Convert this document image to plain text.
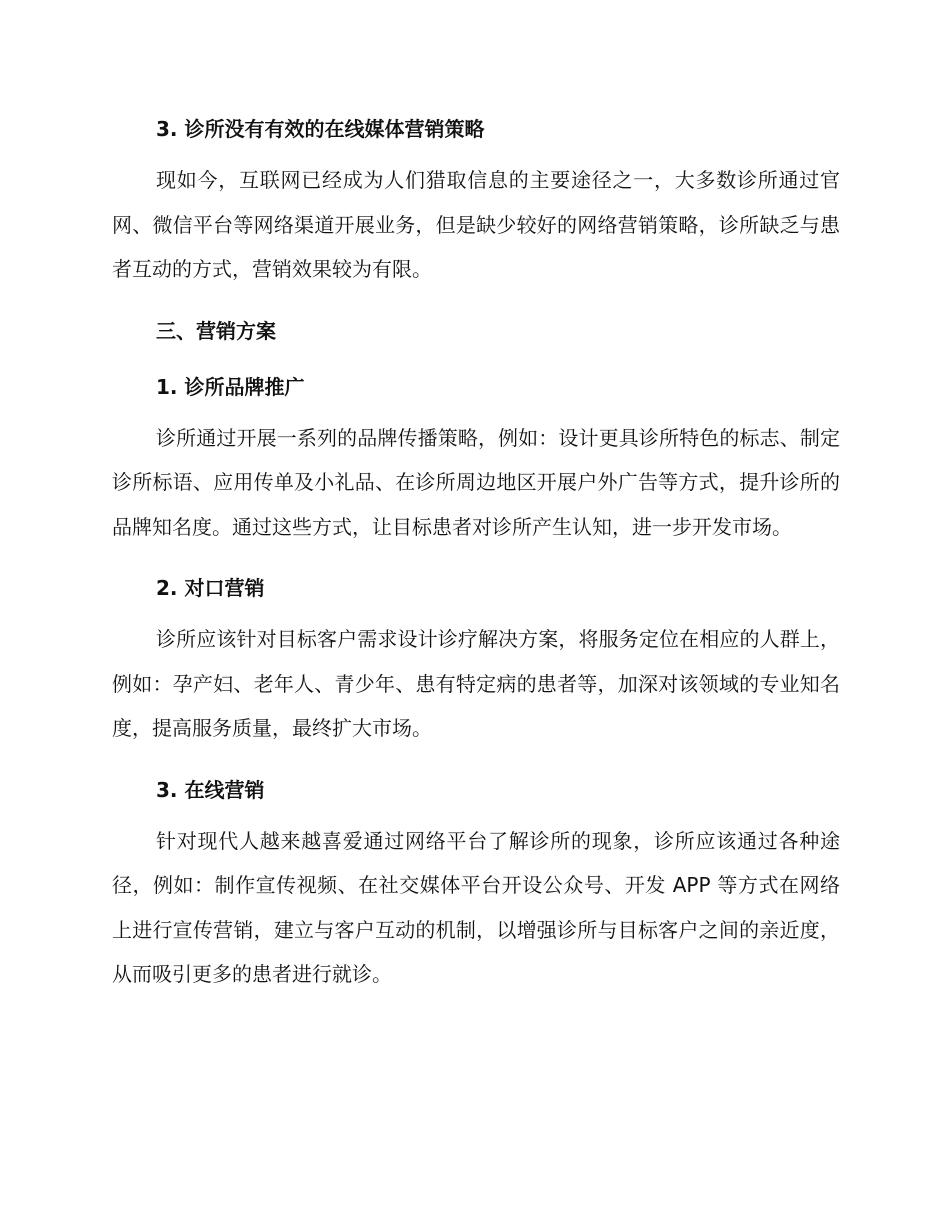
3. 诊所没有有效的在线媒体营销策略

现如今，互联网已经成为人们猎取信息的主要途径之一，大多数诊所通过官网、微信平台等网络渠道开展业务，但是缺少较好的网络营销策略，诊所缺乏与患者互动的方式，营销效果较为有限。

三、营销方案
1. 诊所品牌推广

诊所通过开展一系列的品牌传播策略，例如：设计更具诊所特色的标志、制定诊所标语、应用传单及小礼品、在诊所周边地区开展户外广告等方式，提升诊所的品牌知名度。通过这些方式，让目标患者对诊所产生认知，进一步开发市场。

2. 对口营销

诊所应该针对目标客户需求设计诊疗解决方案，将服务定位在相应的人群上，例如：孕产妇、老年人、青少年、患有特定病的患者等，加深对该领域的专业知名度，提高服务质量，最终扩大市场。

3. 在线营销

针对现代人越来越喜爱通过网络平台了解诊所的现象，诊所应该通过各种途径，例如：制作宣传视频、在社交媒体平台开设公众号、开发 APP 等方式在网络上进行宣传营销，建立与客户互动的机制，以增强诊所与目标客户之间的亲近度，从而吸引更多的患者进行就诊。
